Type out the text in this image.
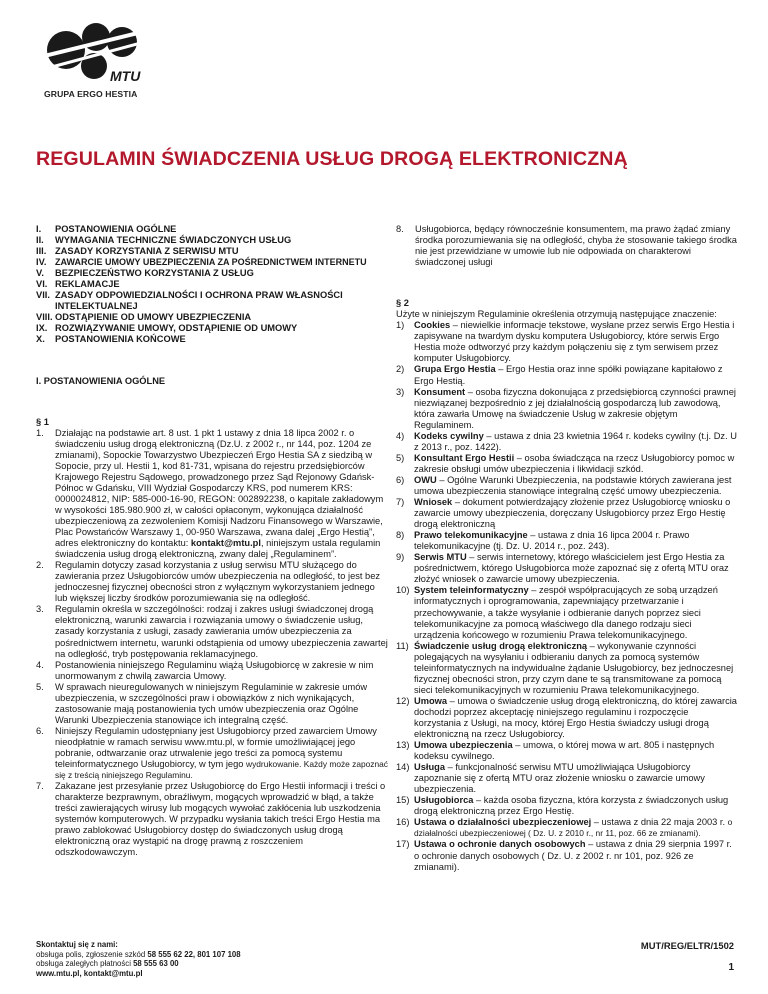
MTU
GRUPA ERGO HESTIA
REGULAMIN ŚWIADCZENIA USŁUG DROGĄ ELEKTRONICZNĄ
I.	POSTANOWIENIA OGÓLNE
II.	WYMAGANIA TECHNICZNE ŚWIADCZONYCH USŁUG
III. ZASADY KORZYSTANIA Z SERWISU MTU
IV. ZAWARCIE UMOWY UBEZPIECZENIA ZA POŚREDNICTWEM INTERNETU
V.	BEZPIECZEŃSTWO KORZYSTANIA Z USŁUG
VI. REKLAMACJE
VII. ZASADY ODPOWIEDZIALNOŚCI I OCHRONA PRAW WŁASNOŚCI INTELEKTUALNEJ
VIII. ODSTĄPIENIE OD UMOWY UBEZPIECZENIA
IX. ROZWIĄZYWANIE UMOWY, ODSTĄPIENIE OD UMOWY
X.	POSTANOWIENIA KOŃCOWE
I. POSTANOWIENIA OGÓLNE
§ 1
1.	Działając na podstawie art. 8 ust. 1 pkt 1 ustawy z dnia 18 lipca 2002 r. o świadczeniu usług drogą elektroniczną (Dz.U. z 2002 r., nr 144, poz. 1204 ze zmianami), Sopockie Towarzystwo Ubezpieczeń Ergo Hestia SA z siedzibą w Sopocie, przy ul. Hestii 1, kod 81-731, wpisana do rejestru przedsiębiorców Krajowego Rejestru Sądowego, prowadzonego przez Sąd Rejonowy Gdańsk-Północ w Gdańsku, VIII Wydział Gospodarczy KRS, pod numerem KRS: 0000024812, NIP: 585-000-16-90, REGON: 002892238, o kapitale zakładowym w wysokości 185.980.900 zł, w całości opłaconym, wykonująca działalność ubezpieczeniową za zezwoleniem Komisji Nadzoru Finansowego w Warszawie, Plac Powstańców Warszawy 1, 00-950 Warszawa, zwana dalej „Ergo Hestią”, adres elektroniczny do kontaktu: kontakt@mtu.pl, niniejszym ustala regulamin świadczenia usług drogą elektroniczną, zwany dalej „Regulaminem”.
2.	Regulamin dotyczy zasad korzystania z usług serwisu MTU służącego do zawierania przez Usługobiorców umów ubezpieczenia na odległość, to jest bez jednoczesnej fizycznej obecności stron z wyłącznym wykorzystaniem jednego lub większej liczby środków porozumiewania się na odległość.
3.	Regulamin określa w szczególności: rodzaj i zakres usługi świadczonej drogą elektroniczną, warunki zawarcia i rozwiązania umowy o świadczenie usług, zasady korzystania z usługi, zasady zawierania umów ubezpieczenia za pośrednictwem internetu, warunki odstąpienia od umowy ubezpieczenia zawartej na odległość, tryb postępowania reklamacyjnego.
4.	Postanowienia niniejszego Regulaminu wiążą Usługobiorcę w zakresie w nim unormowanym z chwilą zawarcia Umowy.
5.	W sprawach nieuregulowanych w niniejszym Regulaminie w zakresie umów ubezpieczenia, w szczególności praw i obowiązków z nich wynikających, zastosowanie mają postanowienia tych umów ubezpieczenia oraz Ogólne Warunki Ubezpieczenia stanowiące ich integralną część.
6.	Niniejszy Regulamin udostępniany jest Usługobiorcy przed zawarciem Umowy nieodpłatnie w ramach serwisu www.mtu.pl, w formie umożliwiającej jego pobranie, odtwarzanie oraz utrwalenie jego treści za pomocą systemu teleinformatycznego Usługobiorcy, w tym jego wydrukowanie. Każdy może zapoznać się z treścią niniejszego Regulaminu.
7.	Zakazane jest przesyłanie przez Usługobiorcę do Ergo Hestii informacji i treści o charakterze bezprawnym, obraźliwym, mogących wprowadzić w błąd, a także treści zawierających wirusy lub mogących wywołać zakłócenia lub uszkodzenia systemów komputerowych. W przypadku wysłania takich treści Ergo Hestia ma prawo zablokować Usługobiorcy dostęp do świadczonych usług drogą elektroniczną oraz wystąpić na drogę prawną z roszczeniem odszkodowawczym.
8.	Usługobiorca, będący równocześnie konsumentem, ma prawo żądać zmiany środka porozumiewania się na odległość, chyba że stosowanie takiego środka nie jest przewidziane w umowie lub nie odpowiada on charakterowi świadczonej usługi
§ 2
Użyte w niniejszym Regulaminie określenia otrzymują następujące znaczenie:
1)	Cookies – niewielkie informacje tekstowe, wysłane przez serwis Ergo Hestia i zapisywane na twardym dysku komputera Usługobiorcy, które serwis Ergo Hestia może odtworzyć przy każdym połączeniu się z tym serwisem przez komputer Usługobiorcy.
2)	Grupa Ergo Hestia – Ergo Hestia oraz inne spółki powiązane kapitałowo z Ergo Hestią.
3)	Konsument – osoba fizyczna dokonująca z przedsiębiorcą czynności prawnej niezwiązanej bezpośrednio z jej działalnością gospodarczą lub zawodową, która zawarła Umowę na świadczenie Usług w zakresie objętym Regulaminem.
4)	Kodeks cywilny – ustawa z dnia 23 kwietnia 1964 r. kodeks cywilny (t.j. Dz. U z 2013 r., poz. 1422).
5)	Konsultant Ergo Hestii – osoba świadcząca na rzecz Usługobiorcy pomoc w zakresie obsługi umów ubezpieczenia i likwidacji szkód.
6)	OWU – Ogólne Warunki Ubezpieczenia, na podstawie których zawierana jest umowa ubezpieczenia stanowiące integralną część umowy ubezpieczenia.
7)	Wniosek – dokument potwierdzający złożenie przez Usługobiorcę wniosku o zawarcie umowy ubezpieczenia, doręczany Usługobiorcy przez Ergo Hestię drogą elektroniczną
8)	Prawo telekomunikacyjne – ustawa z dnia 16 lipca 2004 r. Prawo telekomunikacyjne (tj. Dz. U. 2014 r., poz. 243).
9)	Serwis MTU – serwis internetowy, którego właścicielem jest Ergo Hestia za pośrednictwem, którego Usługobiorca może zapoznać się z ofertą MTU oraz złożyć wniosek o zawarcie umowy ubezpieczenia.
10) System teleinformatyczny – zespół współpracujących ze sobą urządzeń informatycznych i oprogramowania, zapewniający przetwarzanie i przechowywanie, a także wysyłanie i odbieranie danych poprzez sieci telekomunikacyjne za pomocą właściwego dla danego rodzaju sieci urządzenia końcowego w rozumieniu Prawa telekomunikacyjnego.
11) Świadczenie usług drogą elektroniczną – wykonywanie czynności polegających na wysyłaniu i odbieraniu danych za pomocą systemów teleinformatycznych na indywidualne żądanie Usługobiorcy, bez jednoczesnej fizycznej obecności stron, przy czym dane te są transmitowane za pomocą sieci telekomunikacyjnych w rozumieniu Prawa telekomunikacyjnego.
12) Umowa – umowa o świadczenie usług drogą elektroniczną, do której zawarcia dochodzi poprzez akceptację niniejszego regulaminu i rozpoczęcie korzystania z Usługi, na mocy, której Ergo Hestia świadczy usługi drogą elektroniczną na rzecz Usługobiorcy.
13) Umowa ubezpieczenia – umowa, o której mowa w art. 805 i następnych kodeksu cywilnego.
14) Usługa – funkcjonalność serwisu MTU umożliwiająca Usługobiorcy zapoznanie się z ofertą MTU oraz złożenie wniosku o zawarcie umowy ubezpieczenia.
15) Usługobiorca – każda osoba fizyczna, która korzysta z świadczonych usług drogą elektroniczną przez Ergo Hestię.
16) Ustawa o działalności ubezpieczeniowej – ustawa z dnia 22 maja 2003 r. o działalności ubezpieczeniowej ( Dz. U. z 2010 r., nr 11, poz. 66 ze zmianami).
17) Ustawa o ochronie danych osobowych – ustawa z dnia 29 sierpnia 1997 r. o ochronie danych osobowych ( Dz. U. z 2002 r. nr 101, poz. 926 ze zmianami).
Skontaktuj się z nami:
obsługa polis, zgłoszenie szkód 58 555 62 22, 801 107 108
obsługa zaległych płatności 58 555 63 00
www.mtu.pl, kontakt@mtu.pl
MUT/REG/ELTR/1502
1
